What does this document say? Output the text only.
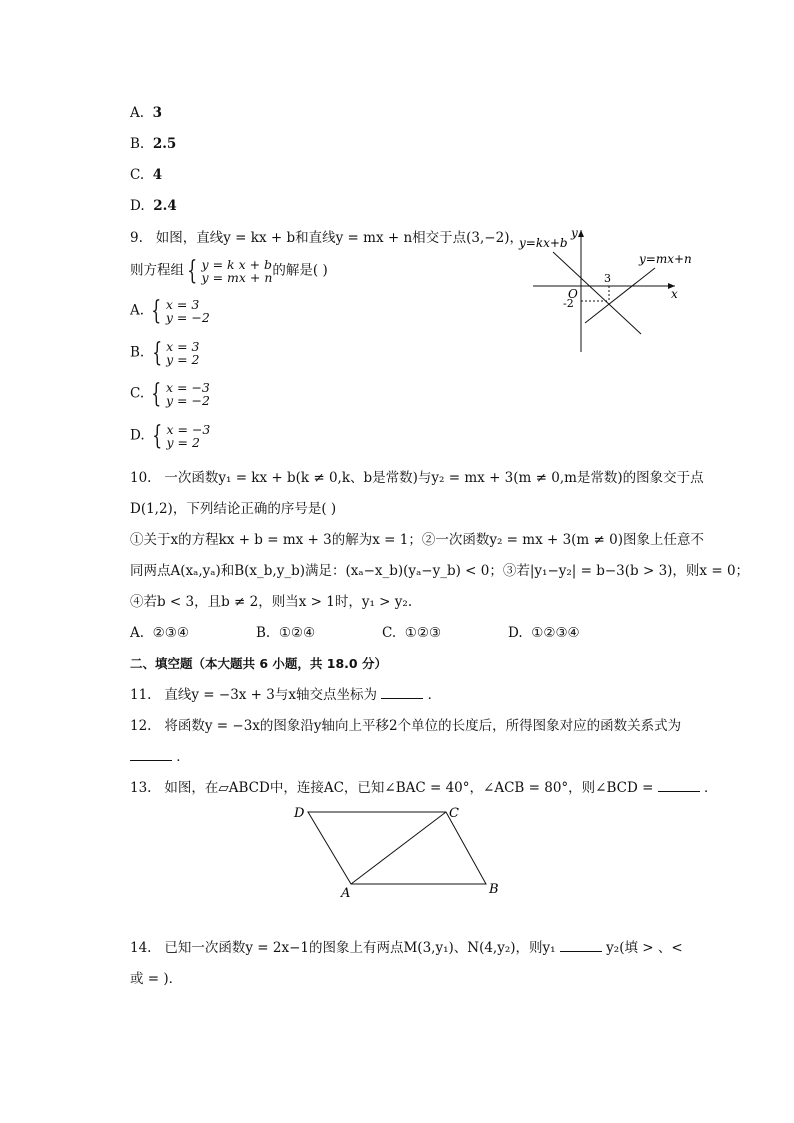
A. 3
B. 2.5
C. 4
D. 2.4
9. 如图，直线y = kx + b和直线y = mx + n相交于点(3,−2)，
则方程组 { y = k x + b
y = mx + n的解是( )
A. { x = 3
y = −2
B. { x = 3
y = 2
C. { x = −3
y = −2
D. { x = −3
y = 2
y=kx+b
y=mx+n
x
y
O
3
-2
10. 一次函数y₁ = kx + b(k ≠ 0,k、b是常数)与y₂ = mx + 3(m ≠ 0,m是常数)的图象交于点
D(1,2)，下列结论正确的序号是( )
①关于x的方程kx + b = mx + 3的解为x = 1；②一次函数y₂ = mx + 3(m ≠ 0)图象上任意不
同两点A(xₐ,yₐ)和B(x_b,y_b)满足：(xₐ−x_b)(yₐ−y_b) < 0；③若|y₁−y₂| = b−3(b > 3)，则x = 0；
④若b < 3，且b ≠ 2，则当x > 1时，y₁ > y₂.
A. ②③④	B. ①②④	C. ①②③	D. ①②③④
二、填空题（本大题共 6 小题，共 18.0 分）
11. 直线y = −3x + 3与x轴交点坐标为	．
12. 将函数y = −3x的图象沿y轴向上平移2个单位的长度后，所得图象对应的函数关系式为
．
13. 如图，在▱ABCD中，连接AC，已知∠BAC = 40°，∠ACB = 80°，则∠BCD =	．
D	C
A	B
14. 已知一次函数y = 2x−1的图象上有两点M(3,y₁)、N(4,y₂)，则y₁	y₂(填 > 、<
或 = )．
